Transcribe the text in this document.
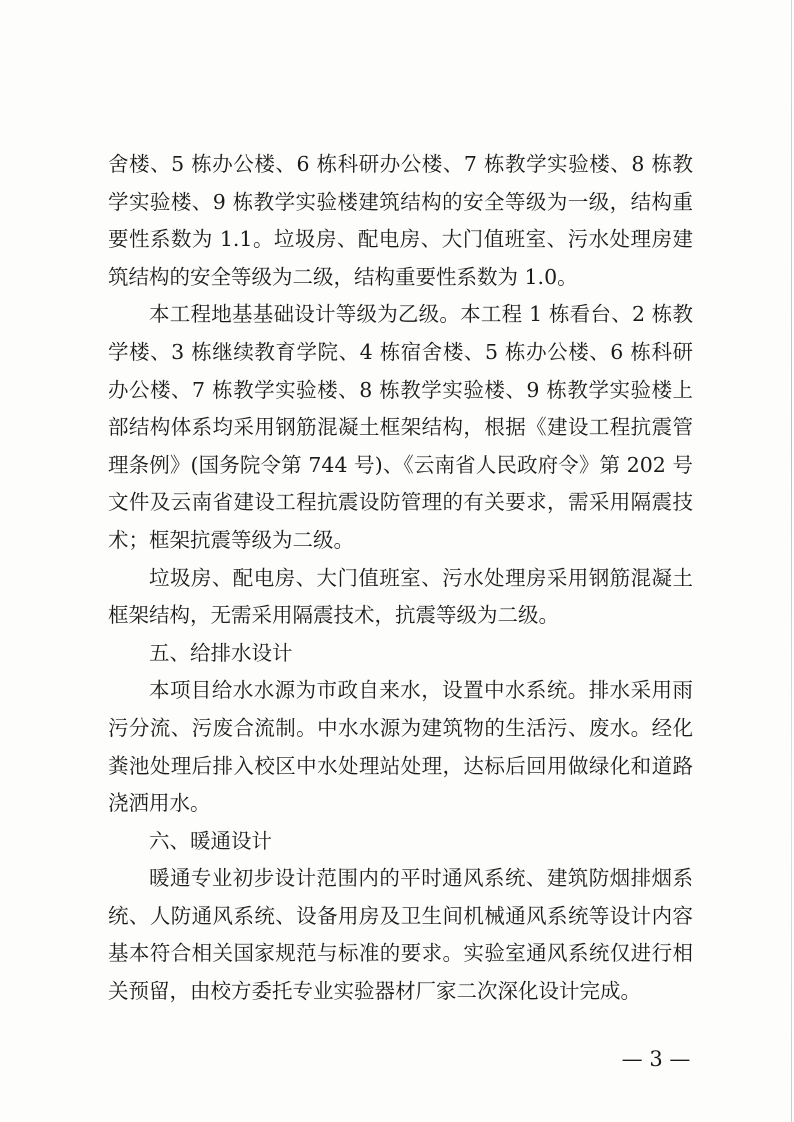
舍楼、5 栋办公楼、6 栋科研办公楼、7 栋教学实验楼、8 栋教学实验楼、9 栋教学实验楼建筑结构的安全等级为一级，结构重要性系数为 1.1。垃圾房、配电房、大门值班室、污水处理房建筑结构的安全等级为二级，结构重要性系数为 1.0。

本工程地基基础设计等级为乙级。本工程 1 栋看台、2 栋教学楼、3 栋继续教育学院、4 栋宿舍楼、5 栋办公楼、6 栋科研办公楼、7 栋教学实验楼、8 栋教学实验楼、9 栋教学实验楼上部结构体系均采用钢筋混凝土框架结构，根据《建设工程抗震管理条例》(国务院令第 744 号)、《云南省人民政府令》第 202 号文件及云南省建设工程抗震设防管理的有关要求，需采用隔震技术；框架抗震等级为二级。

垃圾房、配电房、大门值班室、污水处理房采用钢筋混凝土框架结构，无需采用隔震技术，抗震等级为二级。

五、给排水设计

本项目给水水源为市政自来水，设置中水系统。排水采用雨污分流、污废合流制。中水水源为建筑物的生活污、废水。经化粪池处理后排入校区中水处理站处理，达标后回用做绿化和道路浇洒用水。

六、暖通设计

暖通专业初步设计范围内的平时通风系统、建筑防烟排烟系统、人防通风系统、设备用房及卫生间机械通风系统等设计内容基本符合相关国家规范与标准的要求。实验室通风系统仅进行相关预留，由校方委托专业实验器材厂家二次深化设计完成。

— 3 —
